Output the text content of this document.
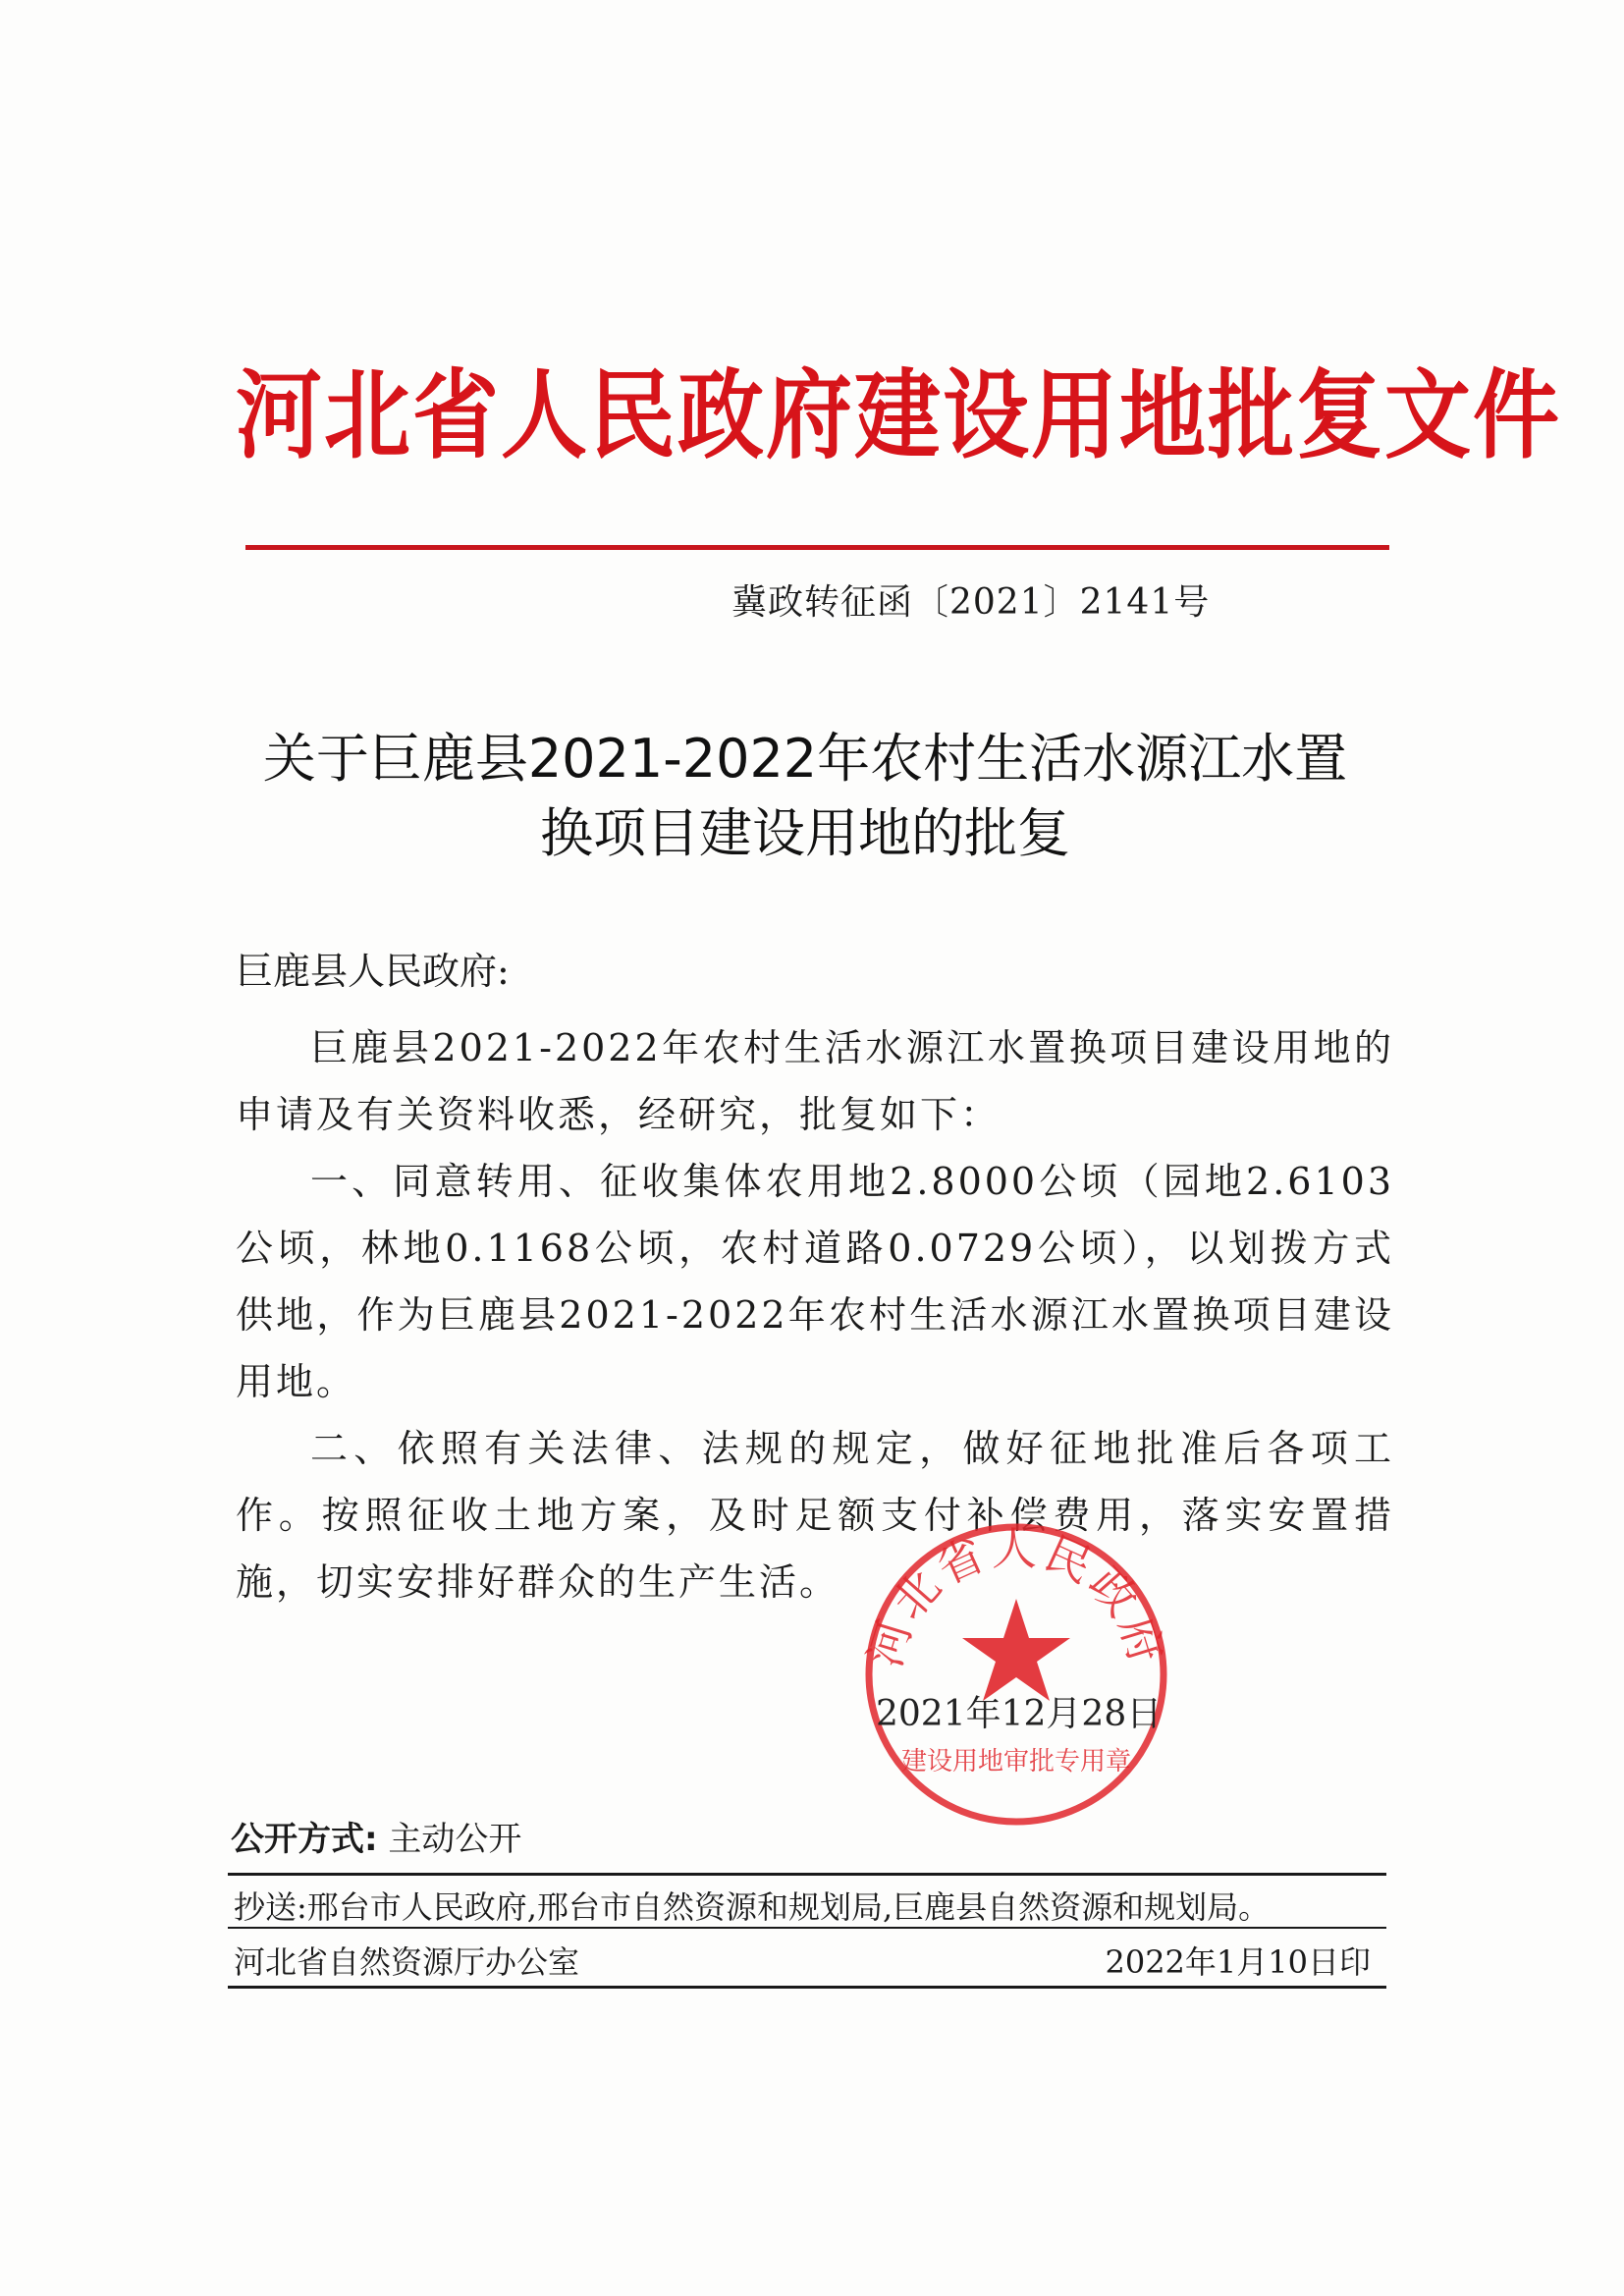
河北省人民政府建设用地批复文件
冀政转征函〔2021〕2141号
关于巨鹿县2021-2022年农村生活水源江水置
换项目建设用地的批复
巨鹿县人民政府:

巨鹿县2021-2022年农村生活水源江水置换项目建设用地的申请及有关资料收悉，经研究，批复如下：

一、同意转用、征收集体农用地2.8000公顷（园地2.6103公顷，林地0.1168公顷，农村道路0.0729公顷），以划拨方式供地，作为巨鹿县2021-2022年农村生活水源江水置换项目建设用地。

二、依照有关法律、法规的规定，做好征地批准后各项工作。按照征收土地方案，及时足额支付补偿费用，落实安置措施，切实安排好群众的生产生活。

河北省人民政府
建设用地审批专用章
2021年12月28日
公开方式: 主动公开
抄送:邢台市人民政府,邢台市自然资源和规划局,巨鹿县自然资源和规划局。
河北省自然资源厅办公室	2022年1月10日印
